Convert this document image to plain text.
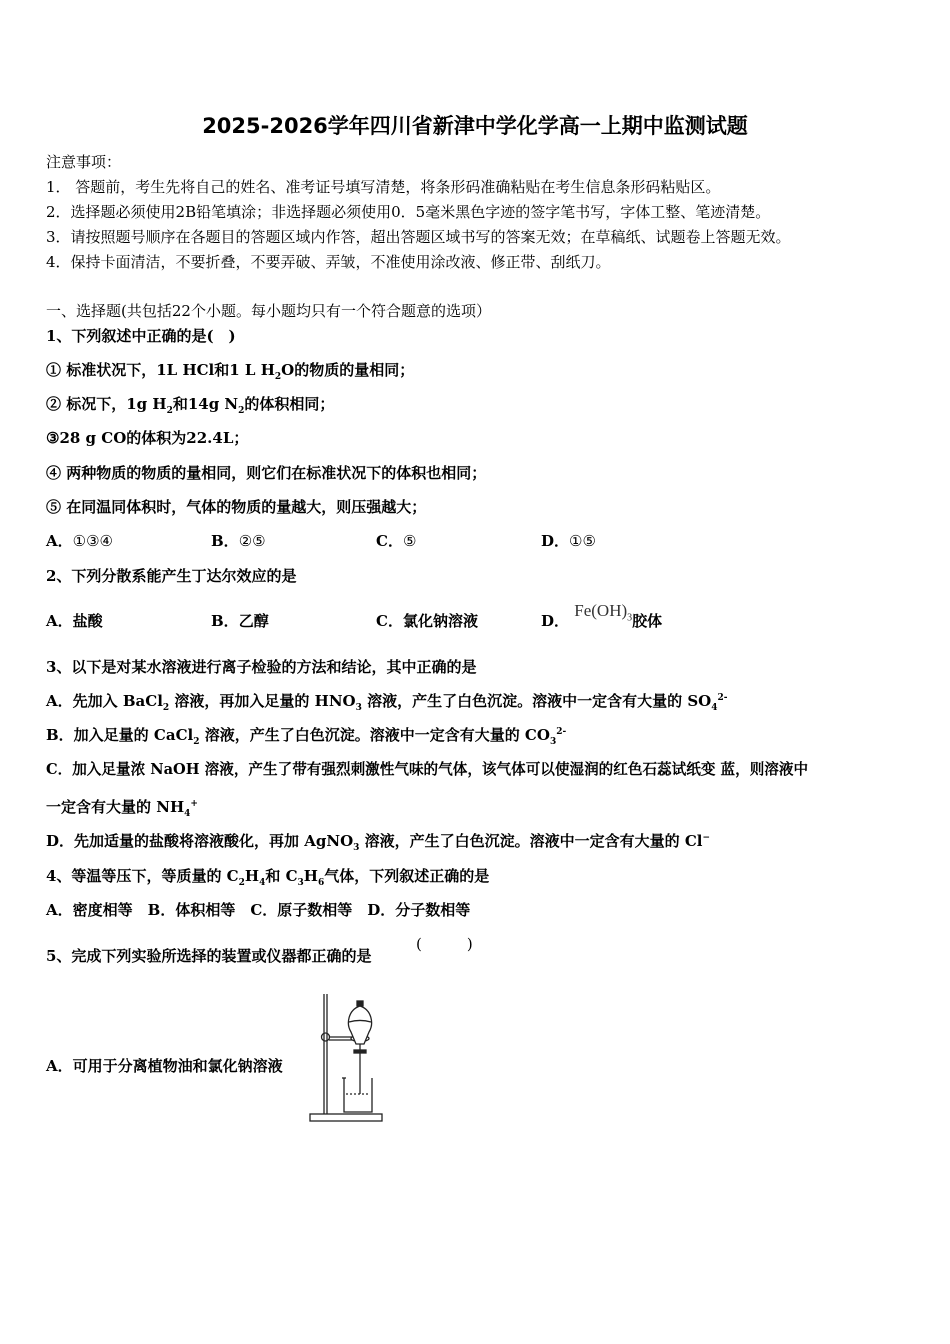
2025-2026学年四川省新津中学化学高一上期中监测试题
注意事项：
1． 答题前，考生先将自己的姓名、准考证号填写清楚，将条形码准确粘贴在考生信息条形码粘贴区。
2．选择题必须使用2B铅笔填涂；非选择题必须使用0．5毫米黑色字迹的签字笔书写，字体工整、笔迹清楚。
3．请按照题号顺序在各题目的答题区域内作答，超出答题区域书写的答案无效；在草稿纸、试题卷上答题无效。
4．保持卡面清洁，不要折叠，不要弄破、弄皱，不准使用涂改液、修正带、刮纸刀。
一、选择题(共包括22个小题。每小题均只有一个符合题意的选项）
1、下列叙述中正确的是(　)
① 标准状况下，1L HCl和1 L $H_2O$的物质的量相同；
② 标况下，1g $H_2$和14g $N_2$的体积相同；
③28 g CO的体积为22.4L；
④ 两种物质的物质的量相同，则它们在标准状况下的体积也相同；
⑤ 在同温同体积时，气体的物质的量越大，则压强越大；
A．①③④	B．②⑤	C．⑤	D．①⑤
2、下列分散系能产生丁达尔效应的是
A．盐酸	B．乙醇	C．氯化钠溶液	D． $Fe(OH)_3$胶体
3、以下是对某水溶液进行离子检验的方法和结论，其中正确的是
A．先加入 BaCl$_2$ 溶液，再加入足量的 $HNO_3$ 溶液，产生了白色沉淀。溶液中一定含有大量的 $SO_4^{2-}$
B．加入足量的 CaCl$_2$ 溶液，产生了白色沉淀。溶液中一定含有大量的 $CO_3^{2-}$
C．加入足量浓 NaOH 溶液，产生了带有强烈刺激性气味的气体，该气体可以使湿润的红色石蕊试纸变 蓝，则溶液中
一定含有大量的 $NH_4^+$
D．先加适量的盐酸将溶液酸化，再加 AgNO$_3$ 溶液，产生了白色沉淀。溶液中一定含有大量的 Cl−
4、等温等压下，等质量的 $C_2H_4$和 $C_3H_6$气体，下列叙述正确的是
A．密度相等　B．体积相等　C．原子数相等　D．分子数相等
5、完成下列实验所选择的装置或仪器都正确的是
(　　　)
A．可用于分离植物油和氯化钠溶液
